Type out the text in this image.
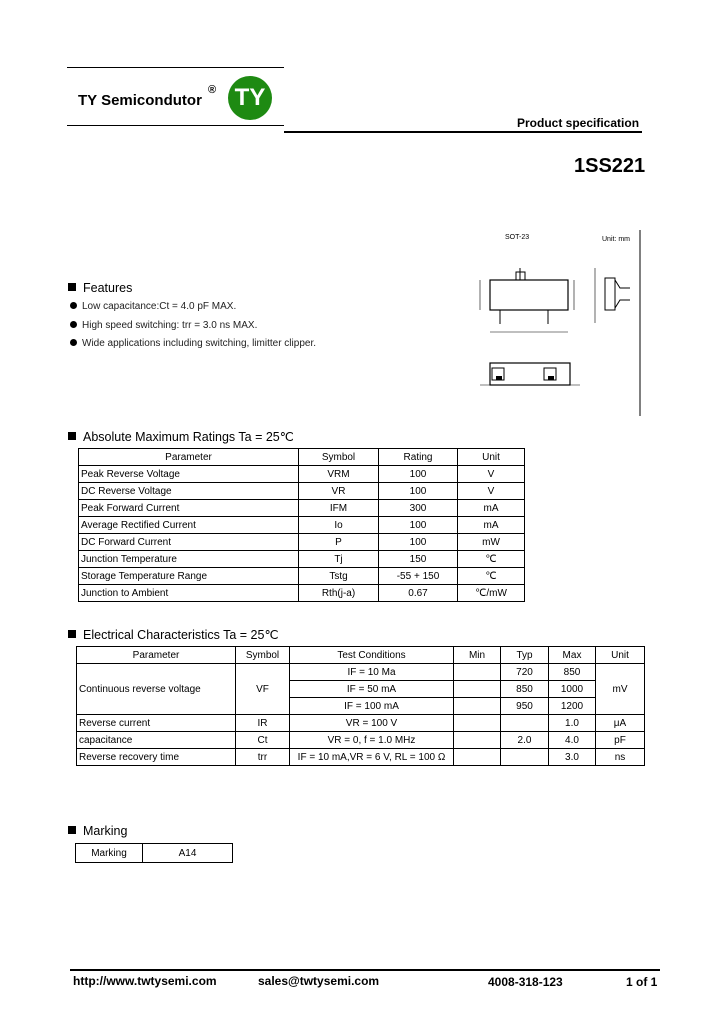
TY Semicondutor
® TY
Product specification
1SS221
Features
Low capacitance:Ct = 4.0 pF MAX.
High speed switching: trr = 3.0 ns MAX.
Wide applications including switching, limitter clipper.
SOT-23	Unit: mm
Absolute Maximum Ratings Ta = 25℃
Parameter	Symbol	Rating	Unit
Peak Reverse Voltage	VRM	100	V
DC Reverse Voltage	VR	100	V
Peak Forward Current	IFM	300	mA
Average Rectified Current	Io	100	mA
DC Forward Current	P	100	mW
Junction Temperature	Tj	150	℃
Storage Temperature Range	Tstg	-55 + 150	℃
Junction to Ambient	Rth(j-a)	0.67	℃/mW
Electrical Characteristics Ta = 25℃
Parameter	Symbol	Test Conditions	Min	Typ	Max	Unit
Continuous reverse voltage	VF	IF = 10 Ma		720	850	mV
		IF = 50 mA		850	1000	
		IF = 100 mA		950	1200	
Reverse current	IR	VR = 100 V			1.0	μA
capacitance	Ct	VR = 0, f = 1.0 MHz		2.0	4.0	pF
Reverse recovery time	trr	IF = 10 mA,VR = 6 V, RL = 100 Ω			3.0	ns
Marking
Marking	A14
http://www.twtysemi.com	sales@twtysemi.com	4008-318-123	1 of 1
